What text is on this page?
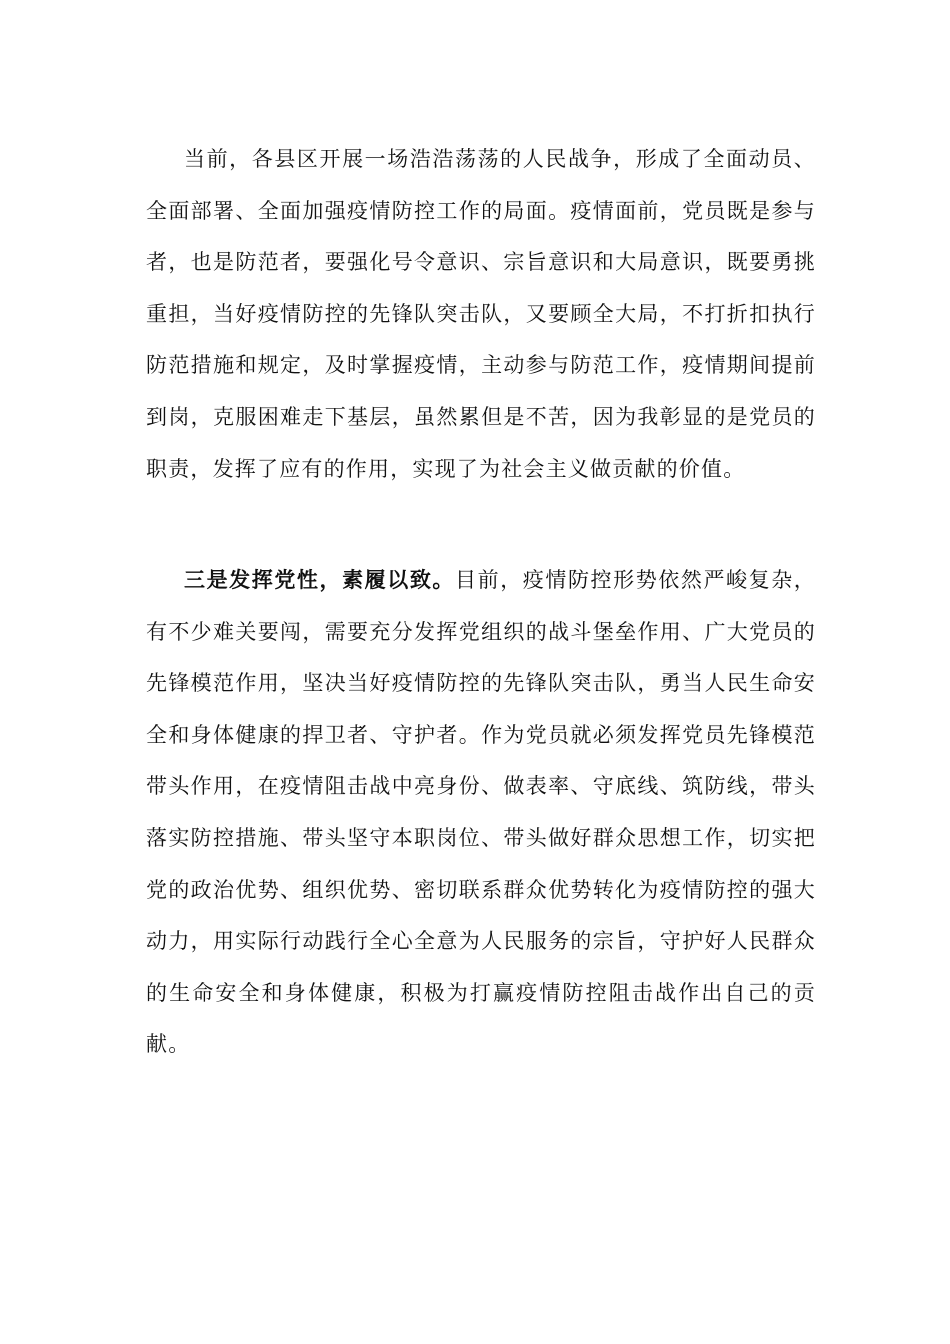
当前，各县区开展一场浩浩荡荡的人民战争，形成了全面动员、全面部署、全面加强疫情防控工作的局面。疫情面前，党员既是参与者，也是防范者，要强化号令意识、宗旨意识和大局意识，既要勇挑重担，当好疫情防控的先锋队突击队，又要顾全大局，不打折扣执行防范措施和规定，及时掌握疫情，主动参与防范工作，疫情期间提前到岗，克服困难走下基层，虽然累但是不苦，因为我彰显的是党员的职责，发挥了应有的作用，实现了为社会主义做贡献的价值。

三是发挥党性，素履以致。目前，疫情防控形势依然严峻复杂，有不少难关要闯，需要充分发挥党组织的战斗堡垒作用、广大党员的先锋模范作用，坚决当好疫情防控的先锋队突击队，勇当人民生命安全和身体健康的捍卫者、守护者。作为党员就必须发挥党员先锋模范带头作用，在疫情阻击战中亮身份、做表率、守底线、筑防线，带头落实防控措施、带头坚守本职岗位、带头做好群众思想工作，切实把党的政治优势、组织优势、密切联系群众优势转化为疫情防控的强大动力，用实际行动践行全心全意为人民服务的宗旨，守护好人民群众的生命安全和身体健康，积极为打赢疫情防控阻击战作出自己的贡献。
